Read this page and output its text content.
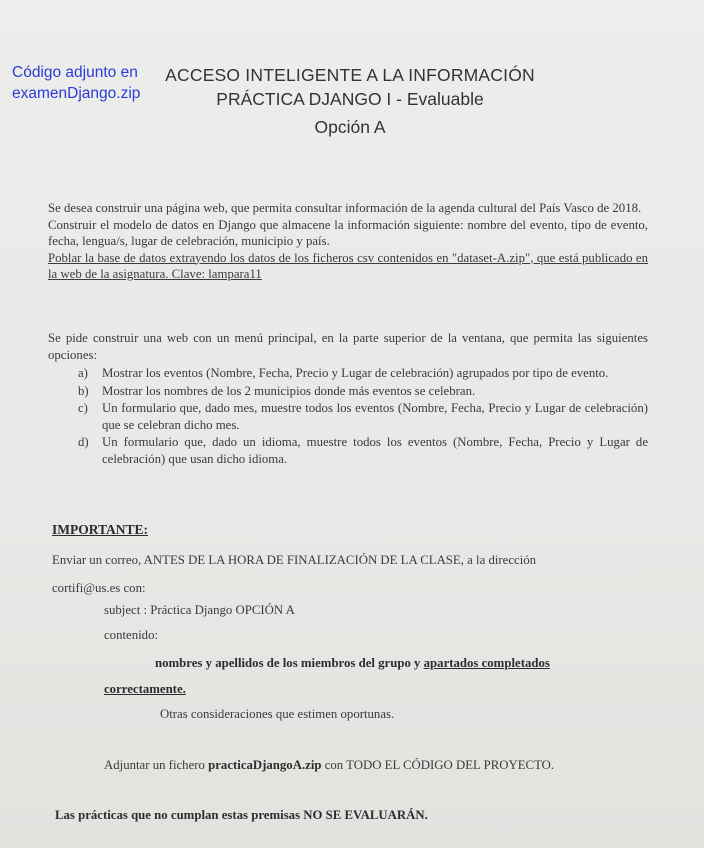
Código adjunto en
examenDjango.zip
ACCESO INTELIGENTE A LA INFORMACIÓN
PRÁCTICA DJANGO I - Evaluable
Opción A
Se desea construir una página web, que permita consultar información de la agenda cultural del País Vasco de 2018.
Construir el modelo de datos en Django que almacene la información siguiente: nombre del evento, tipo de evento, fecha, lengua/s, lugar de celebración, municipio y país.
Poblar la base de datos extrayendo los datos de los ficheros csv contenidos en "dataset-A.zip", que está publicado en la web de la asignatura. Clave: lampara11
Se pide construir una web con un menú principal, en la parte superior de la ventana, que permita las siguientes opciones:
a)	Mostrar los eventos (Nombre, Fecha, Precio y Lugar de celebración) agrupados por tipo de evento.
b)	Mostrar los nombres de los 2 municipios donde más eventos se celebran.
c)	Un formulario que, dado mes, muestre todos los eventos (Nombre, Fecha, Precio y Lugar de celebración) que se celebran dicho mes.
d)	Un formulario que, dado un idioma, muestre todos los eventos (Nombre, Fecha, Precio y Lugar de celebración) que usan dicho idioma.
IMPORTANTE:
Enviar un correo, ANTES DE LA HORA DE FINALIZACIÓN DE LA CLASE, a la dirección
cortifi@us.es con:
subject : Práctica Django OPCIÓN A
contenido:
nombres y apellidos de los miembros del grupo y apartados completados
correctamente.
Otras consideraciones que estimen oportunas.
Adjuntar un fichero practicaDjangoA.zip con TODO EL CÓDIGO DEL PROYECTO.
Las prácticas que no cumplan estas premisas NO SE EVALUARÁN.
